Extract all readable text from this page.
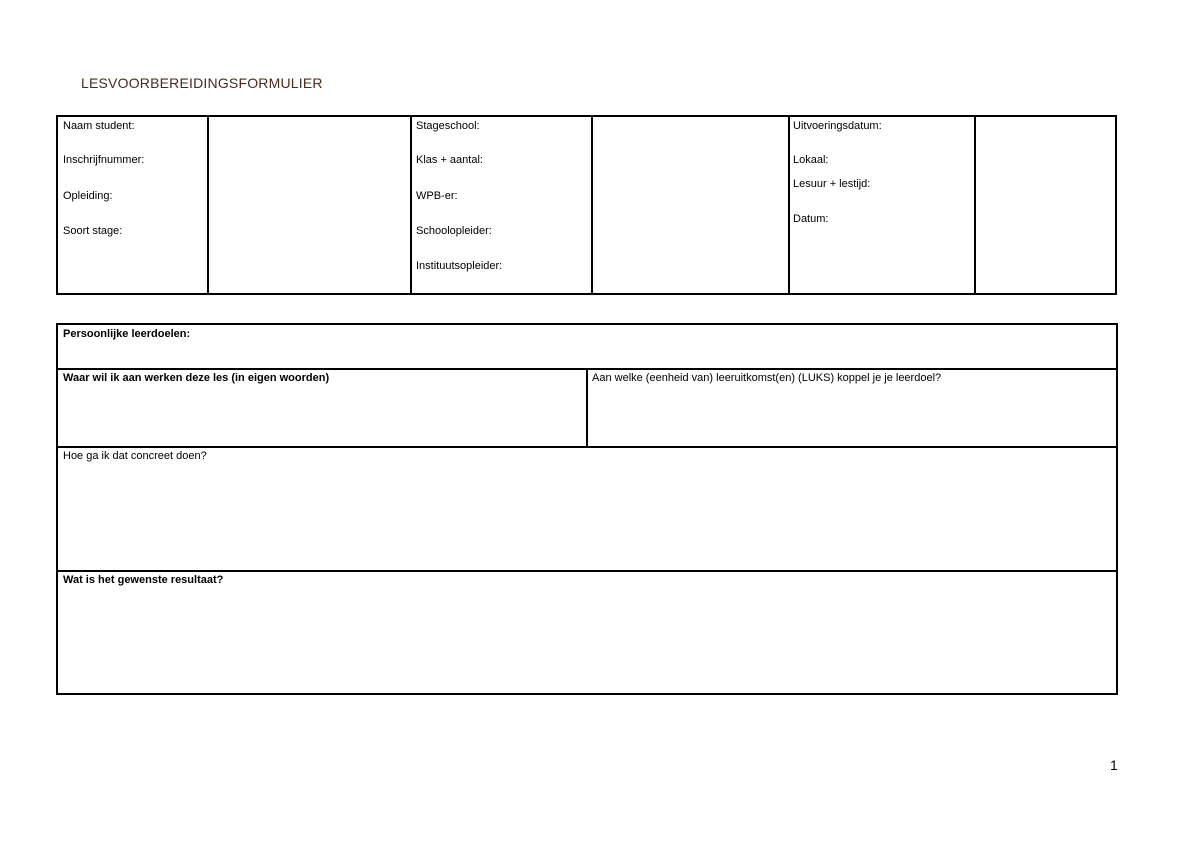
LESVOORBEREIDINGSFORMULIER
Naam student:
Inschrijfnummer:
Opleiding:
Soort stage:
Stageschool:
Klas + aantal:
WPB-er:
Schoolopleider:
Instituutsopleider:
Uitvoeringsdatum:
Lokaal:
Lesuur + lestijd:
Datum:
Persoonlijke leerdoelen:
Waar wil ik aan werken deze les (in eigen woorden)	Aan welke (eenheid van) leeruitkomst(en) (LUKS) koppel je je leerdoel?
Hoe ga ik dat concreet doen?
Wat is het gewenste resultaat?
1
